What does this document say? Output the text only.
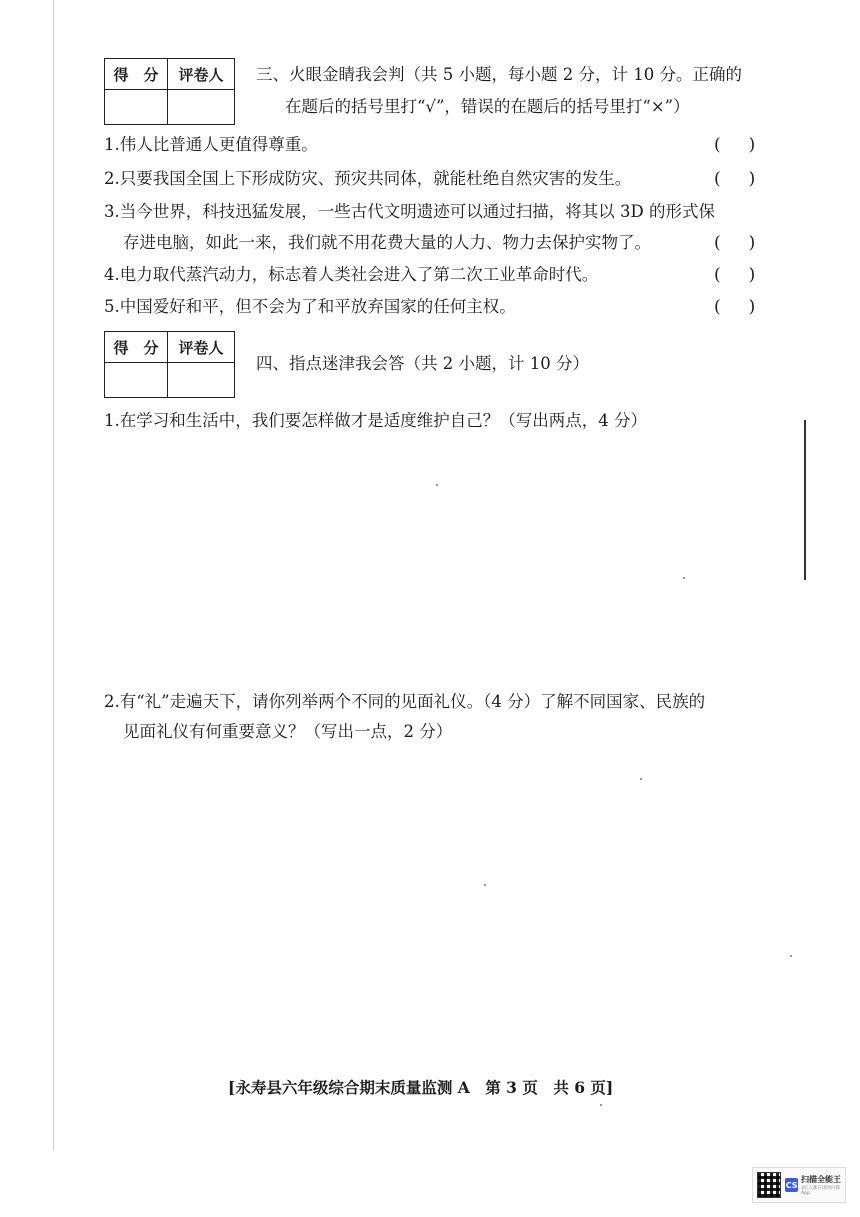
得　分	评卷人
	三、火眼金睛我会判（共 5 小题，每小题 2 分，计 10 分。正确的
在题后的括号里打“√”，错误的在题后的括号里打“×”）
1.伟人比普通人更值得尊重。	()
2.只要我国全国上下形成防灾、预灾共同体，就能杜绝自然灾害的发生。	()
3.当今世界，科技迅猛发展，一些古代文明遗迹可以通过扫描，将其以 3D 的形式保
存进电脑，如此一来，我们就不用花费大量的人力、物力去保护实物了。	()
4.电力取代蒸汽动力，标志着人类社会进入了第二次工业革命时代。	()
5.中国爱好和平，但不会为了和平放弃国家的任何主权。	()
得　分	评卷人

四、指点迷津我会答（共 2 小题，计 10 分）
1.在学习和生活中，我们要怎样做才是适度维护自己？（写出两点，4 分）
2.有“礼”走遍天下，请你列举两个不同的见面礼仪。（4 分）了解不同国家、民族的
见面礼仪有何重要意义？（写出一点，2 分）
[永寿县六年级综合期末质量监测 A　第 3 页　共 6 页]
CS
扫描全能王
3亿人都在用的扫描App
